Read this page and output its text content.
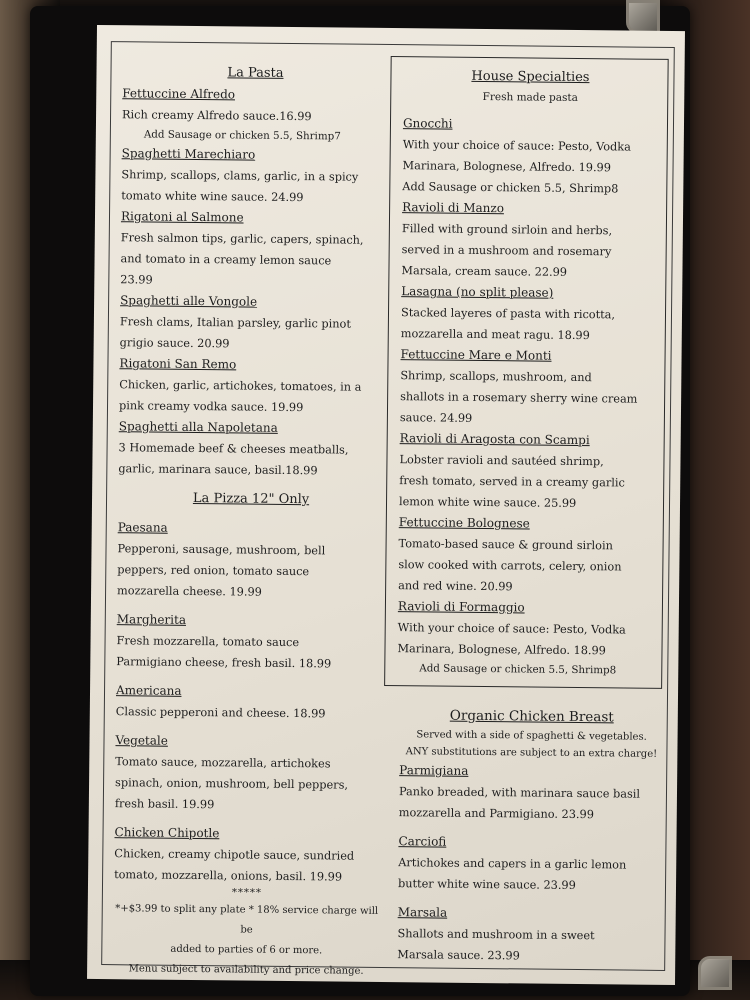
La Pasta
Fettuccine Alfredo
Rich creamy Alfredo sauce.16.99
Add Sausage or chicken 5.5, Shrimp7
Spaghetti Marechiaro
Shrimp, scallops, clams, garlic, in a spicy
tomato white wine sauce. 24.99
Rigatoni al Salmone
Fresh salmon tips, garlic, capers, spinach,
and tomato in a creamy lemon sauce
23.99
Spaghetti alle Vongole
Fresh clams, Italian parsley, garlic pinot
grigio sauce. 20.99
Rigatoni San Remo
Chicken, garlic, artichokes, tomatoes, in a
pink creamy vodka sauce. 19.99
Spaghetti alla Napoletana
3 Homemade beef & cheeses meatballs,
garlic, marinara sauce, basil.18.99
La Pizza 12" Only
Paesana
Pepperoni, sausage, mushroom, bell
peppers, red onion, tomato sauce
mozzarella cheese. 19.99
Margherita
Fresh mozzarella, tomato sauce
Parmigiano cheese, fresh basil. 18.99
Americana
Classic pepperoni and cheese. 18.99
Vegetale
Tomato sauce, mozzarella, artichokes
spinach, onion, mushroom, bell peppers,
fresh basil. 19.99
Chicken Chipotle
Chicken, creamy chipotle sauce, sundried
tomato, mozzarella, onions, basil. 19.99
*****
*+$3.99 to split any plate * 18% service charge will be
added to parties of 6 or more.
Menu subject to availability and price change.
House Specialties
Fresh made pasta
Gnocchi
With your choice of sauce: Pesto, Vodka
Marinara, Bolognese, Alfredo. 19.99
Add Sausage or chicken 5.5, Shrimp8
Ravioli di Manzo
Filled with ground sirloin and herbs,
served in a mushroom and rosemary
Marsala, cream sauce. 22.99
Lasagna (no split please)
Stacked layeres of pasta with ricotta,
mozzarella and meat ragu. 18.99
Fettuccine Mare e Monti
Shrimp, scallops, mushroom, and
shallots in a rosemary sherry wine cream
sauce. 24.99
Ravioli di Aragosta con Scampi
Lobster ravioli and sautéed shrimp,
fresh tomato, served in a creamy garlic
lemon white wine sauce. 25.99
Fettuccine Bolognese
Tomato-based sauce & ground sirloin
slow cooked with carrots, celery, onion
and red wine. 20.99
Ravioli di Formaggio
With your choice of sauce: Pesto, Vodka
Marinara, Bolognese, Alfredo. 18.99
Add Sausage or chicken 5.5, Shrimp8
Organic Chicken Breast
Served with a side of spaghetti & vegetables.
ANY substitutions are subject to an extra charge!
Parmigiana
Panko breaded, with marinara sauce basil
mozzarella and Parmigiano. 23.99
Carciofi
Artichokes and capers in a garlic lemon
butter white wine sauce. 23.99
Marsala
Shallots and mushroom in a sweet
Marsala sauce. 23.99
